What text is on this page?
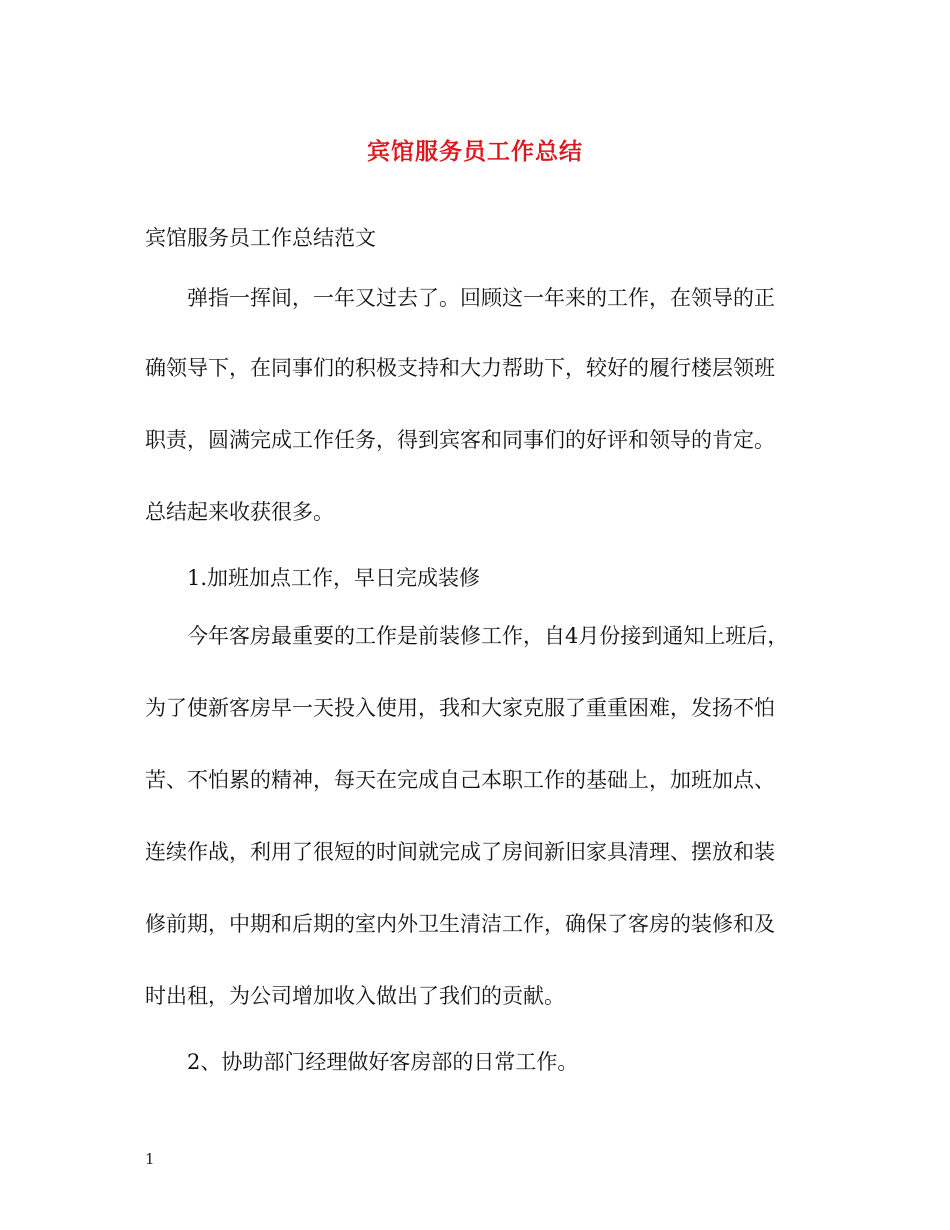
宾馆服务员工作总结

宾馆服务员工作总结范文

弹指一挥间，一年又过去了。回顾这一年来的工作，在领导的正

确领导下，在同事们的积极支持和大力帮助下，较好的履行楼层领班

职责，圆满完成工作任务，得到宾客和同事们的好评和领导的肯定。

总结起来收获很多。

1.加班加点工作，早日完成装修

今年客房最重要的工作是前装修工作，自4月份接到通知上班后，

为了使新客房早一天投入使用，我和大家克服了重重困难，发扬不怕

苦、不怕累的精神，每天在完成自己本职工作的基础上，加班加点、

连续作战，利用了很短的时间就完成了房间新旧家具清理、摆放和装

修前期，中期和后期的室内外卫生清洁工作，确保了客房的装修和及

时出租，为公司增加收入做出了我们的贡献。

2、协助部门经理做好客房部的日常工作。

1
